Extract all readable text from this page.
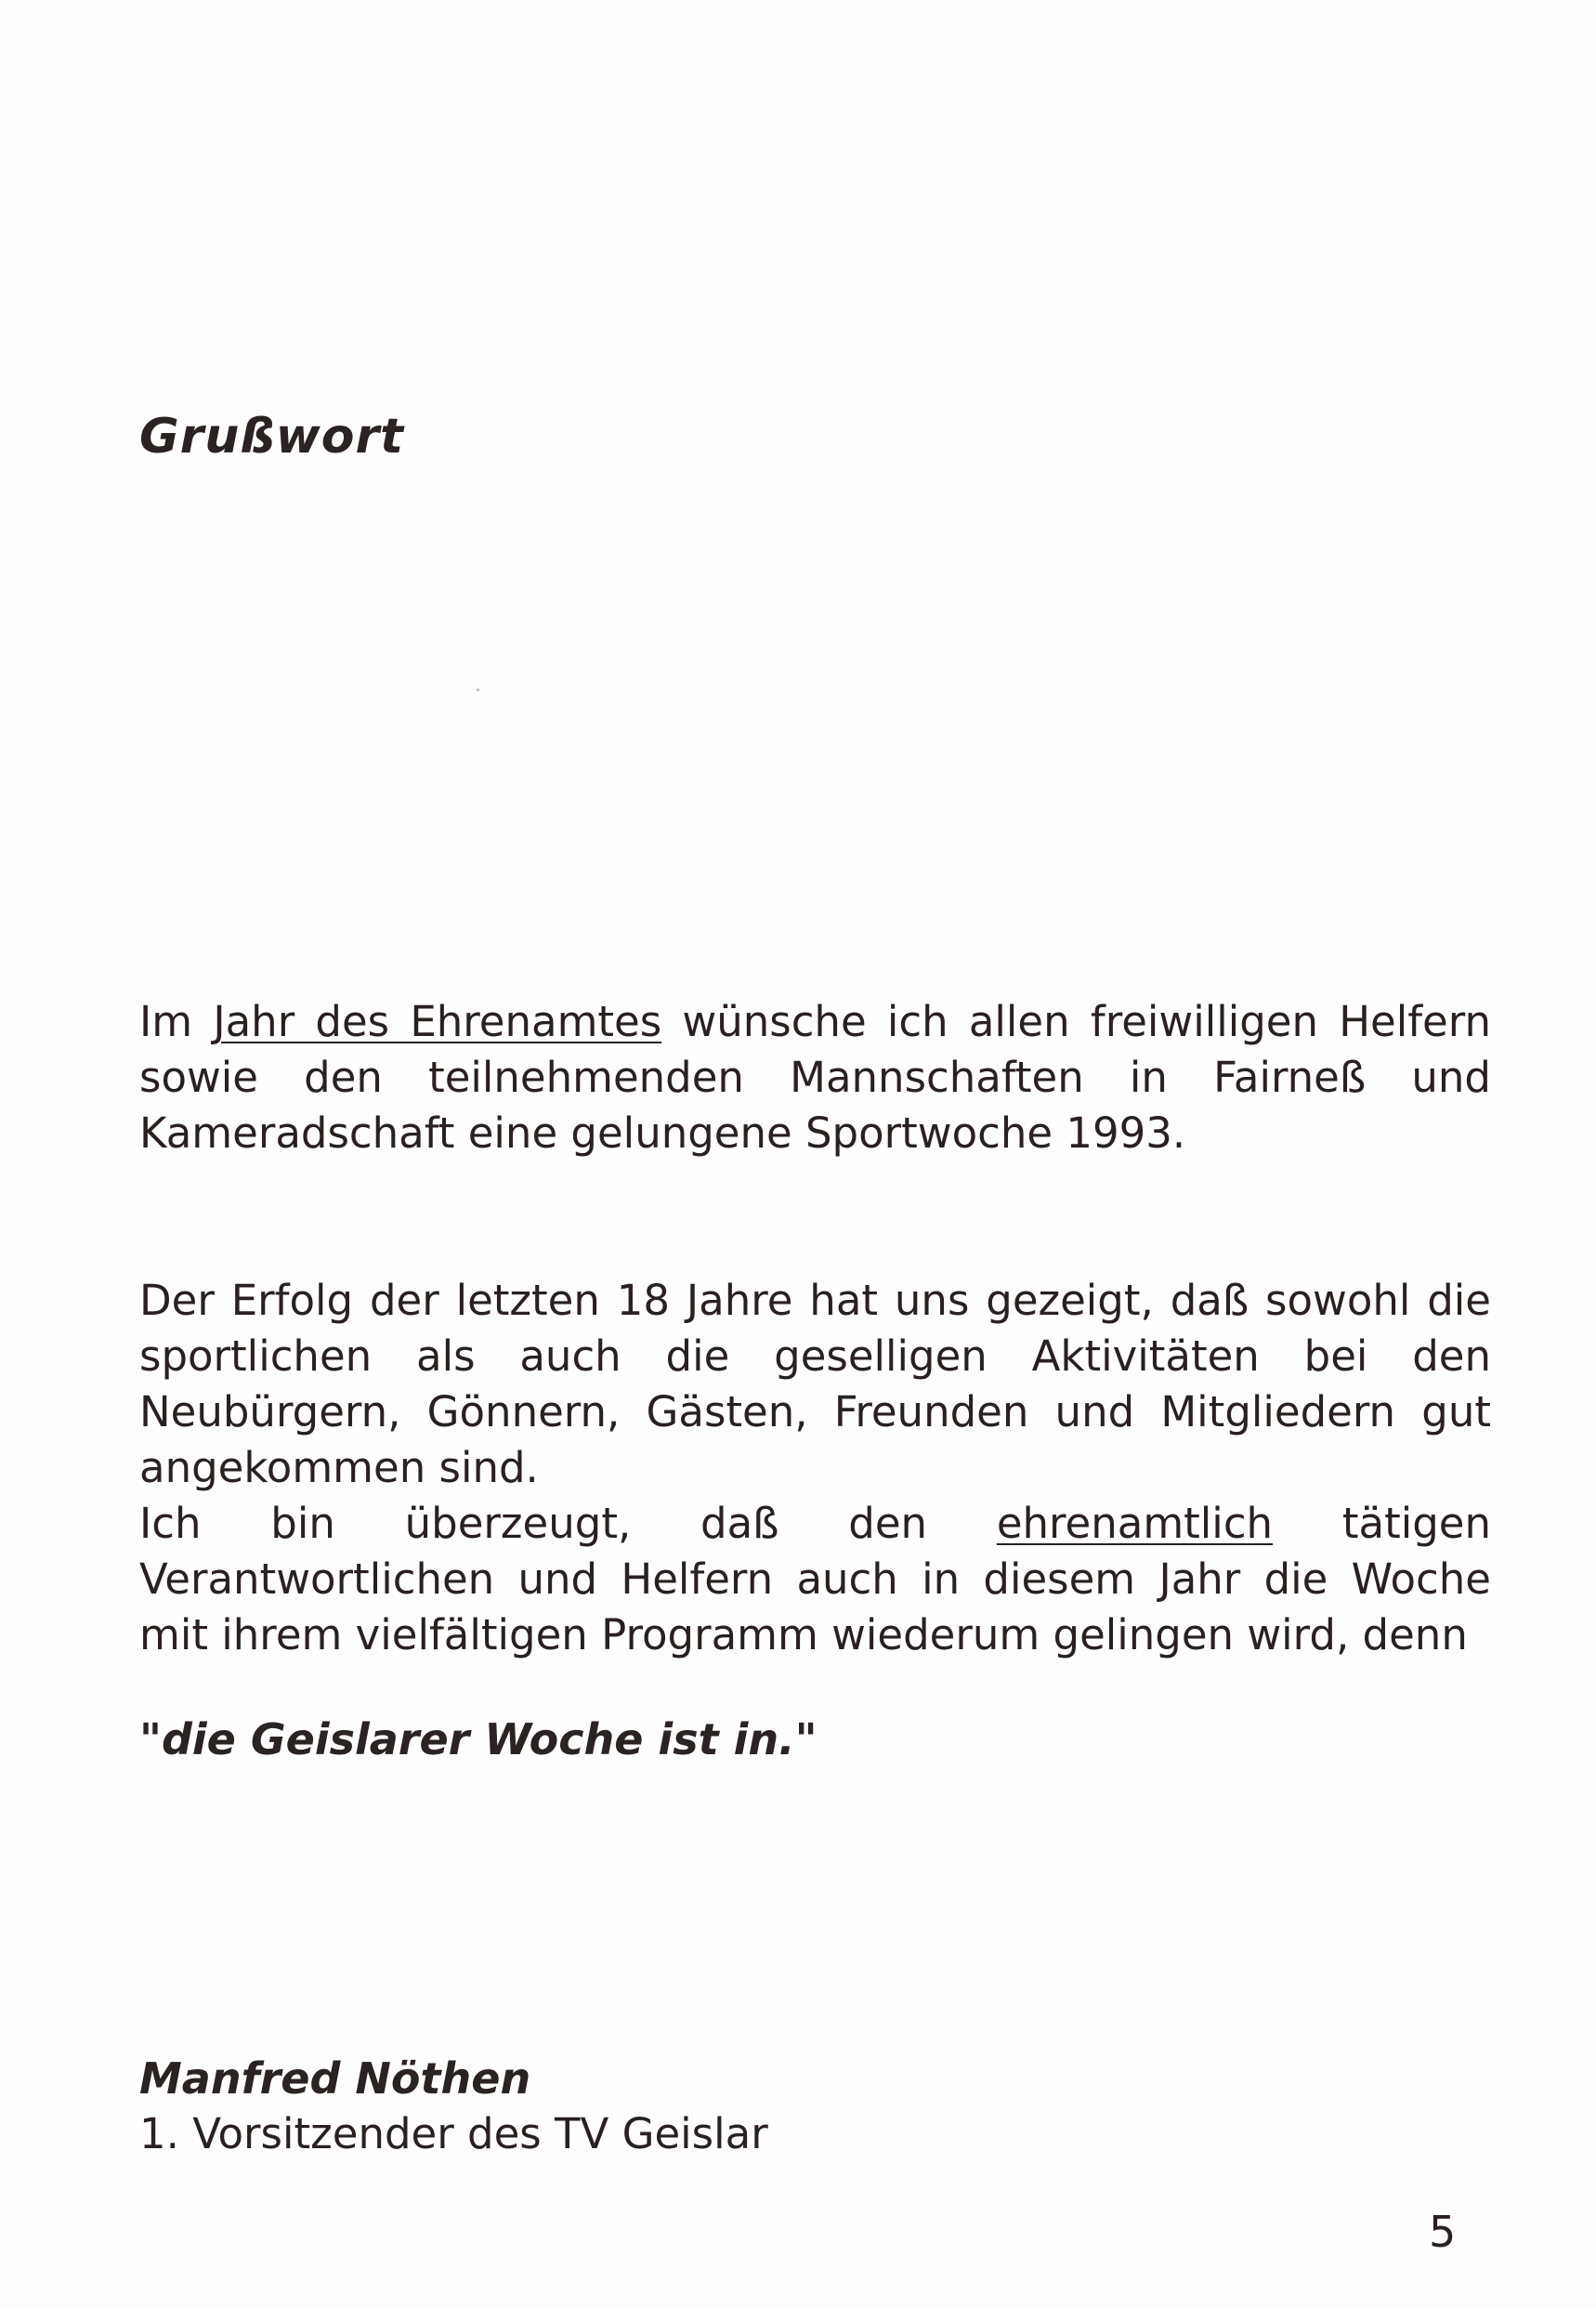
Grußwort

Im Jahr des Ehrenamtes wünsche ich allen freiwilligen Helfern sowie den teilnehmenden Mannschaften in Fairneß und Kameradschaft eine gelungene Sportwoche 1993.

Der Erfolg der letzten 18 Jahre hat uns gezeigt, daß sowohl die sportlichen als auch die geselligen Aktivitäten bei den Neubürgern, Gönnern, Gästen, Freunden und Mitgliedern gut angekommen sind.

Ich bin überzeugt, daß den ehrenamtlich tätigen Verantwortlichen und Helfern auch in diesem Jahr die Woche mit ihrem vielfältigen Programm wiederum gelingen wird, denn

"die Geislarer Woche ist in."

Manfred Nöthen

1. Vorsitzender des TV Geislar

5
